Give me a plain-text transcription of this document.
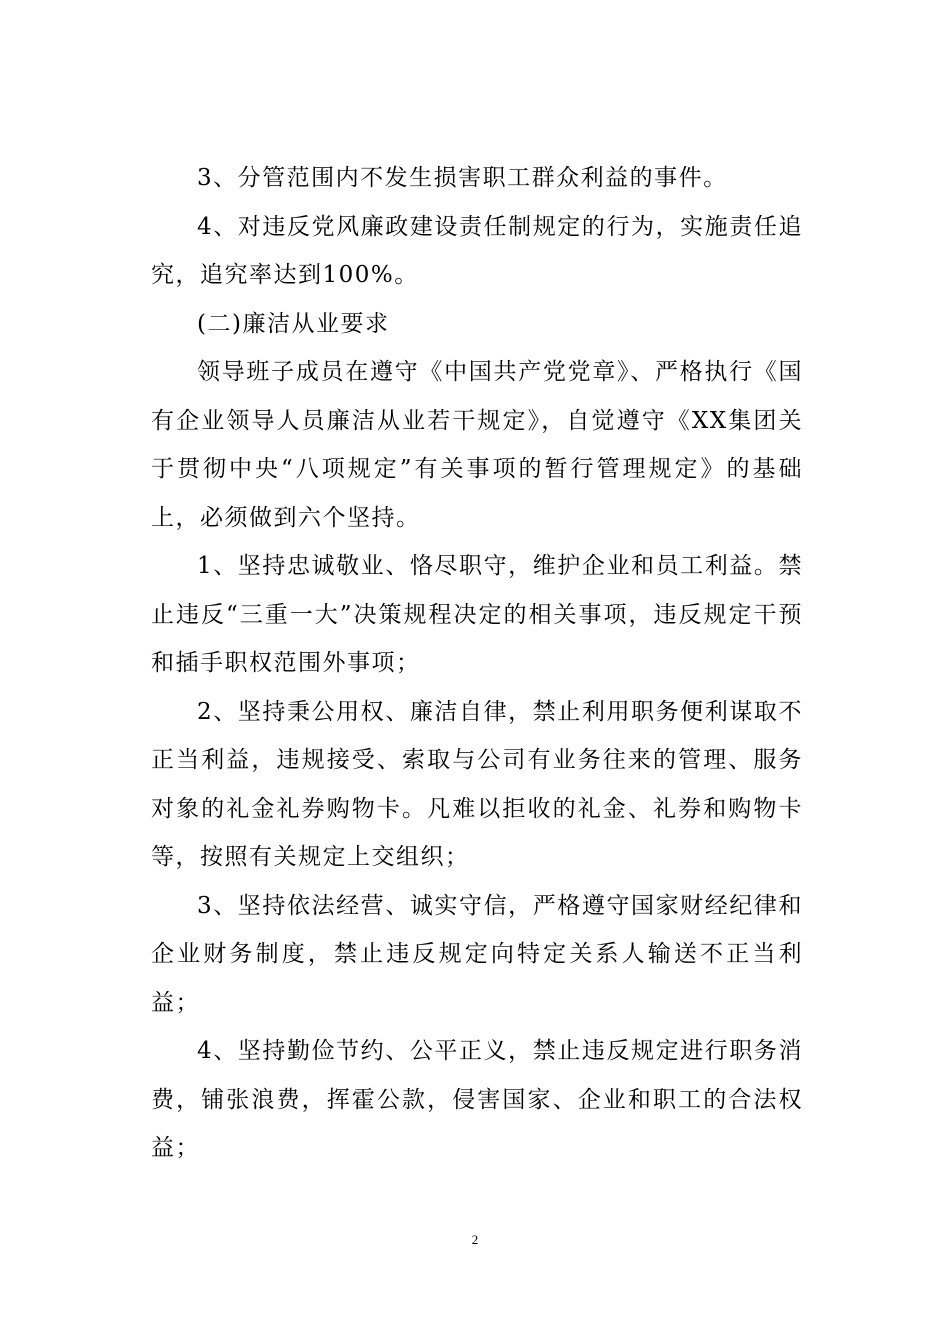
3、分管范围内不发生损害职工群众利益的事件。

4、对违反党风廉政建设责任制规定的行为，实施责任追究，追究率达到100%。

(二)廉洁从业要求

领导班子成员在遵守《中国共产党党章》、严格执行《国有企业领导人员廉洁从业若干规定》，自觉遵守《XX集团关于贯彻中央“八项规定”有关事项的暂行管理规定》的基础上，必须做到六个坚持。

1、坚持忠诚敬业、恪尽职守，维护企业和员工利益。禁止违反“三重一大”决策规程决定的相关事项，违反规定干预和插手职权范围外事项；

2、坚持秉公用权、廉洁自律，禁止利用职务便利谋取不正当利益，违规接受、索取与公司有业务往来的管理、服务对象的礼金礼券购物卡。凡难以拒收的礼金、礼券和购物卡等，按照有关规定上交组织；

3、坚持依法经营、诚实守信，严格遵守国家财经纪律和企业财务制度，禁止违反规定向特定关系人输送不正当利益；

4、坚持勤俭节约、公平正义，禁止违反规定进行职务消费，铺张浪费，挥霍公款，侵害国家、企业和职工的合法权益；

2
